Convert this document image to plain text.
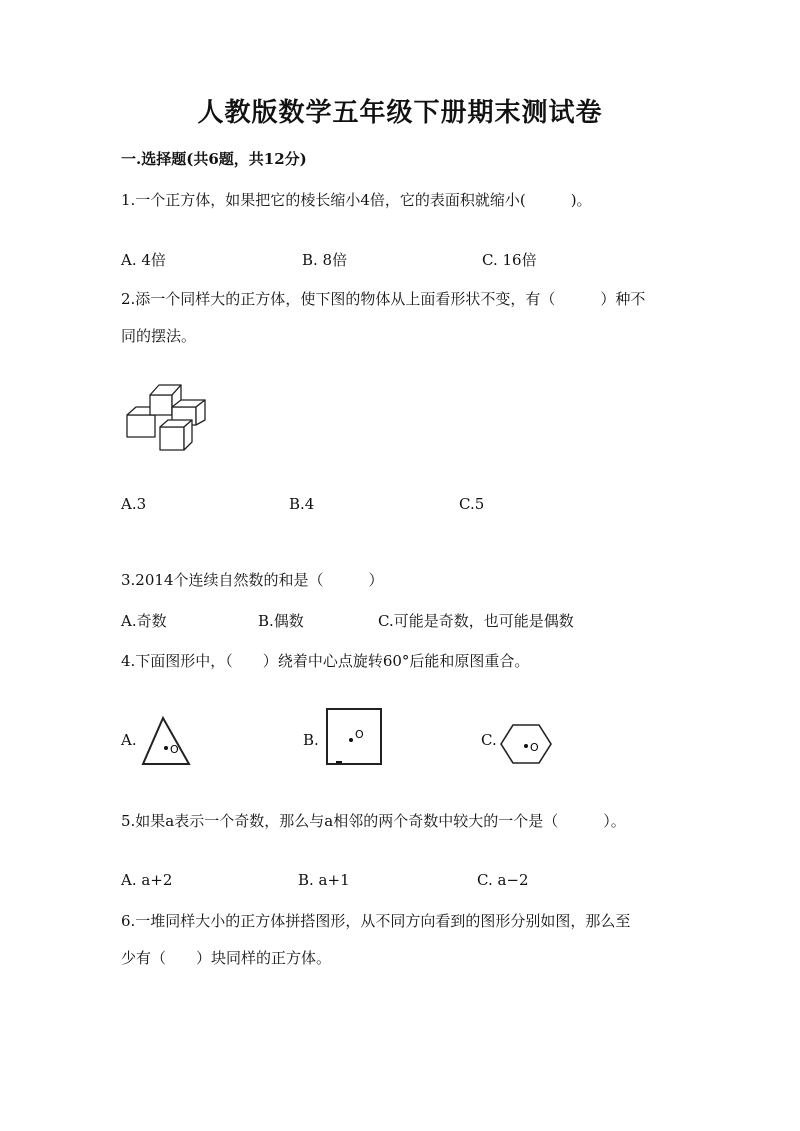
人教版数学五年级下册期末测试卷
一.选择题(共6题，共12分)
1.一个正方体，如果把它的棱长缩小4倍，它的表面积就缩小(　　　)。
A. 4倍	B. 8倍	C. 16倍
2.添一个同样大的正方体，使下图的物体从上面看形状不变，有（　　　）种不
同的摆法。
A.3	B.4	C.5
3.2014个连续自然数的和是（　　　）
A.奇数	B.偶数	C.可能是奇数，也可能是偶数
4.下面图形中，（　　）绕着中心点旋转60°后能和原图重合。
A.
O
B.	O	C.	O
5.如果a表示一个奇数，那么与a相邻的两个奇数中较大的一个是（　　　）。
A. a+2	B. a+1	C. a−2
6.一堆同样大小的正方体拼搭图形，从不同方向看到的图形分别如图，那么至
少有（　　）块同样的正方体。
